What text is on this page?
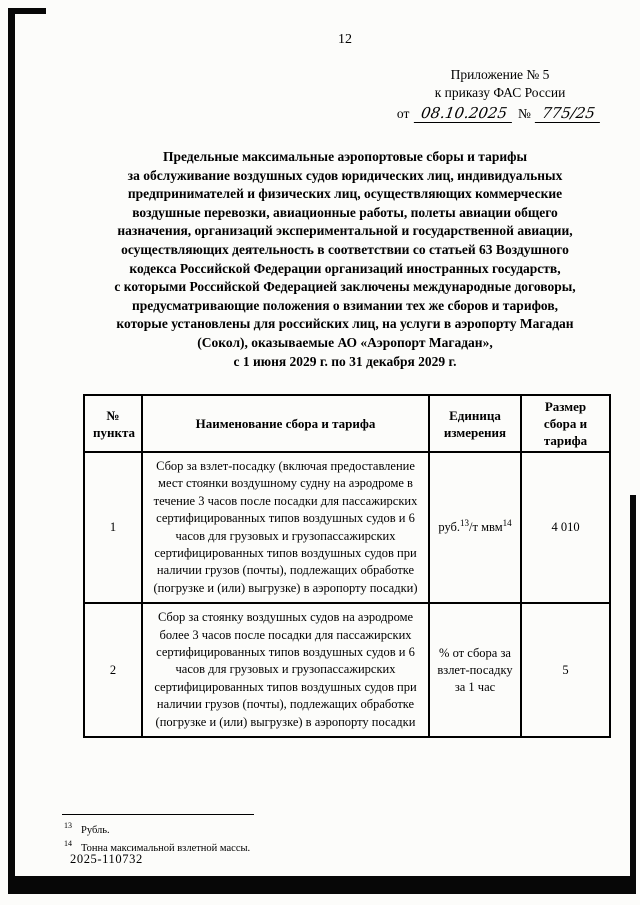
12
Приложение № 5
к приказу ФАС России
от 08.10.2025 № 775/25
Предельные максимальные аэропортовые сборы и тарифы
за обслуживание воздушных судов юридических лиц, индивидуальных
предпринимателей и физических лиц, осуществляющих коммерческие
воздушные перевозки, авиационные работы, полеты авиации общего
назначения, организаций экспериментальной и государственной авиации,
осуществляющих деятельность в соответствии со статьей 63 Воздушного
кодекса Российской Федерации организаций иностранных государств,
с которыми Российской Федерацией заключены международные договоры,
предусматривающие положения о взимании тех же сборов и тарифов,
которые установлены для российских лиц, на услуги в аэропорту Магадан
(Сокол), оказываемые АО «Аэропорт Магадан»,
с 1 июня 2029 г. по 31 декабря 2029 г.
№ пункта	Наименование сбора и тарифа	Единица измерения	Размер сбора и тарифа
1	Сбор за взлет-посадку (включая предоставление мест стоянки воздушному судну на аэродроме в течение 3 часов после посадки для пассажирских сертифицированных типов воздушных судов и 6 часов для грузовых и грузопассажирских сертифицированных типов воздушных судов при наличии грузов (почты), подлежащих обработке (погрузке и (или) выгрузке) в аэропорту посадки)	руб.$^{13}$/т мвм$^{14}$	4 010
2	Сбор за стоянку воздушных судов на аэродроме более 3 часов после посадки для пассажирских сертифицированных типов воздушных судов и 6 часов для грузовых и грузопассажирских сертифицированных типов воздушных судов при наличии грузов (почты), подлежащих обработке (погрузке и (или) выгрузке) в аэропорту посадки	% от сбора за взлет-посадку за 1 час	5
$^{13}$ Рубль.
$^{14}$ Тонна максимальной взлетной массы.
2025-110732
